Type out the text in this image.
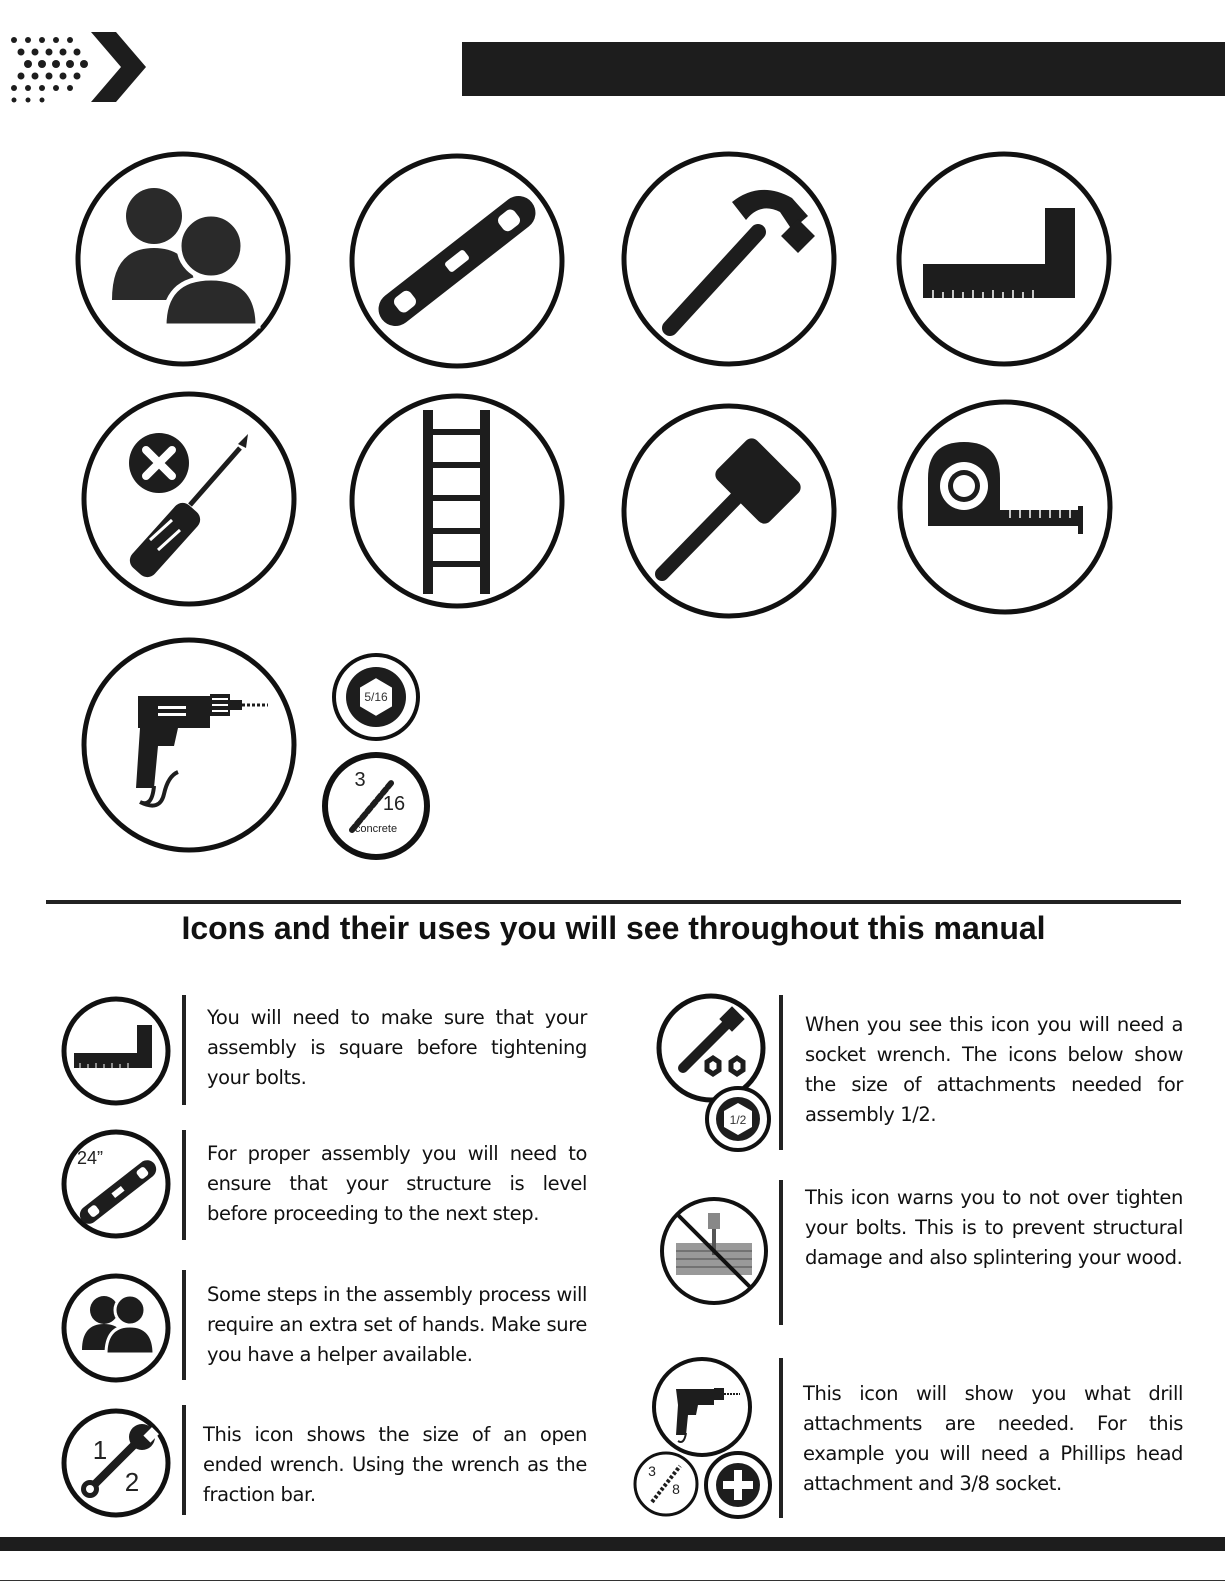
5/16
3
16
concrete
Icons and their uses you will see throughout this manual

You will need to make sure that your assembly is square before tightening your bolts.

24”	For proper assembly you will need to ensure that your structure is level before proceeding to the next step.

Some steps in the assembly process will require an extra set of hands. Make sure you have a helper available.

1
2

This icon shows the size of an open ended wrench. Using the wrench as the fraction bar.

1/2

When you see this icon you will need a socket wrench. The icons below show the size of attachments needed for assembly 1/2.

This icon warns you to not over tighten your bolts. This is to prevent structural damage and also splintering your wood.

3
8

This icon will show you what drill attachments are needed. For this example you will need a Phillips head attachment and 3/8 socket.
